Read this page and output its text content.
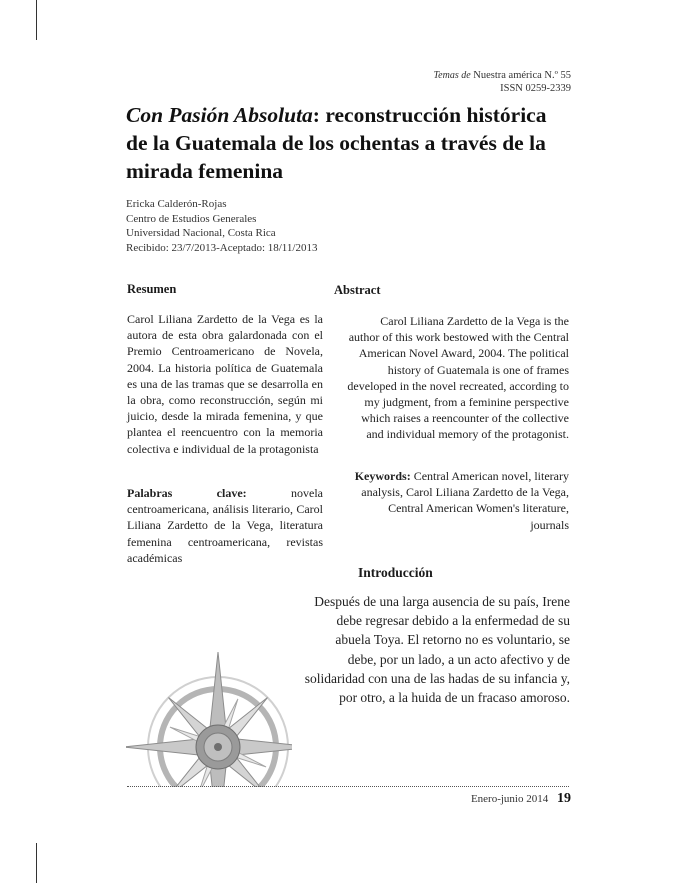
Temas de Nuestra américa N.º 55
ISSN 0259-2339
Con Pasión Absoluta: reconstrucción histórica de la Guatemala de los ochentas a través de la mirada femenina
Ericka Calderón-Rojas
Centro de Estudios Generales
Universidad Nacional, Costa Rica
Recibido: 23/7/2013-Aceptado: 18/11/2013
Resumen	Abstract

Carol Liliana Zardetto de la Vega es la autora de esta obra galardonada con el Premio Centroamericano de Novela, 2004. La historia política de Guatemala es una de las tramas que se desarrolla en la obra, como reconstrucción, según mi juicio, desde la mirada femenina, y que plantea el reencuentro con la memoria colectiva e individual de la protagonista

Palabras clave:	novela centroamericana, análisis literario, Carol Liliana Zardetto de la Vega, literatura femenina centroamericana, revistas académicas

Carol Liliana Zardetto de la Vega is the author of this work bestowed with the Central American Novel Award, 2004. The political history of Guatemala is one of frames developed in the novel recreated, according to my judgment, from a feminine perspective which raises a reencounter of the collective and individual memory of the protagonist.

Keywords: Central American novel, literary analysis, Carol Liliana Zardetto de la Vega, Central American Women's literature, journals

Introducción

Después de una larga ausencia de su país, Irene debe regresar debido a la enfermedad de su abuela Toya. El retorno no es voluntario, se debe, por un lado, a un acto afectivo y de solidaridad con una de las hadas de su infancia y, por otro, a la huida de un fracaso amoroso.

Enero-junio 2014 19
